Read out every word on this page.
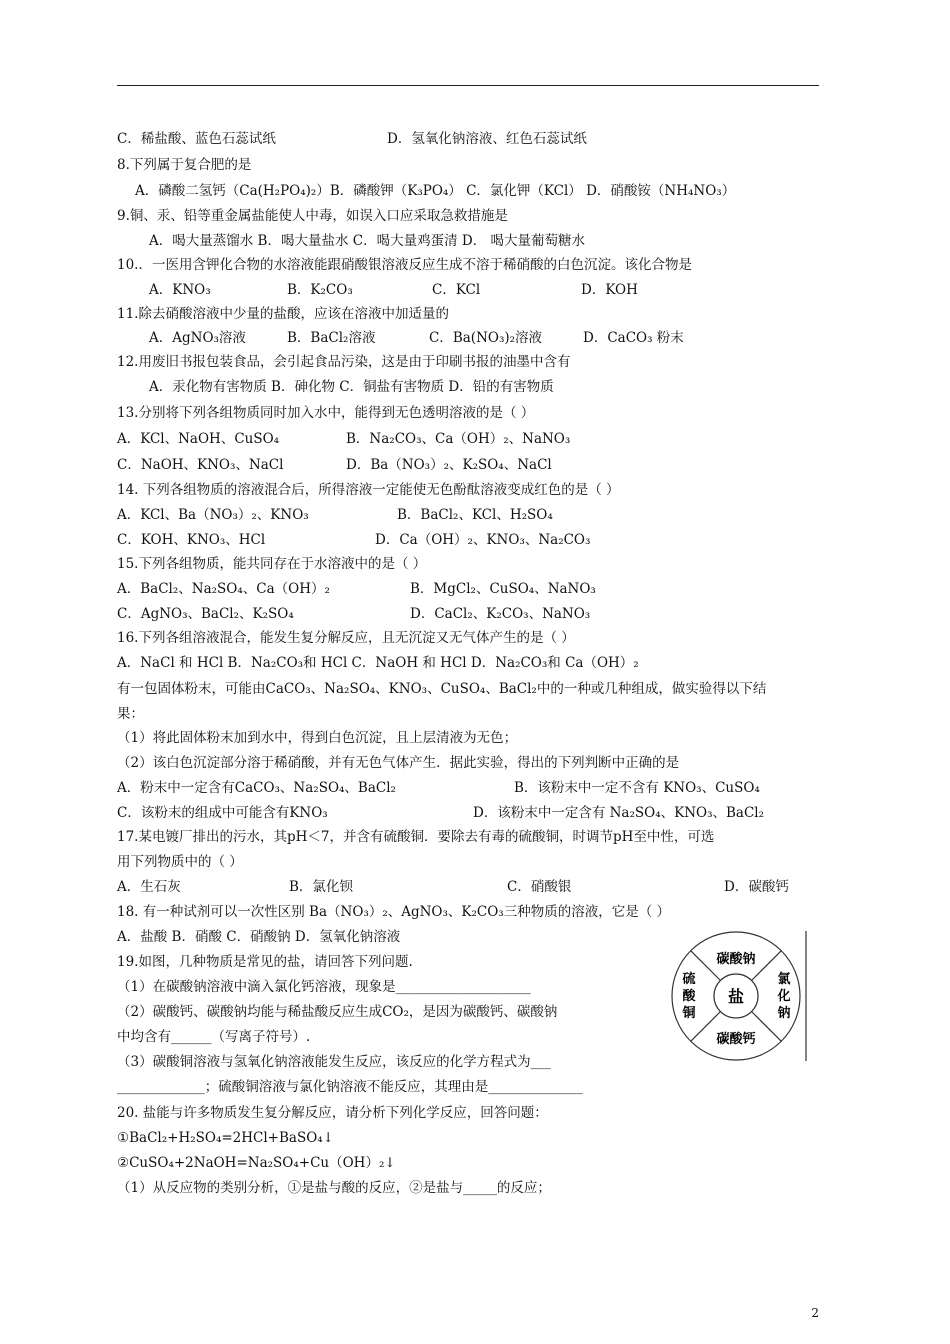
C．稀盐酸、蓝色石蕊试纸	D．氢氧化钠溶液、红色石蕊试纸
8.下列属于复合肥的是
A．磷酸二氢钙（Ca(H₂PO₄)₂）B．磷酸钾（K₃PO₄） C．氯化钾（KCl） D．硝酸铵（NH₄NO₃）
9.铜、汞、铅等重金属盐能使人中毒，如误入口应采取急救措施是
A．喝大量蒸馏水 B．喝大量盐水 C．喝大量鸡蛋清 D． 喝大量葡萄糖水
10.．一医用含钾化合物的水溶液能跟硝酸银溶液反应生成不溶于稀硝酸的白色沉淀。该化合物是
A．KNO₃	B．K₂CO₃	C．KCl	D．KOH
11.除去硝酸溶液中少量的盐酸，应该在溶液中加适量的
A．AgNO₃溶液	B．BaCl₂溶液	C．Ba(NO₃)₂溶液	D．CaCO₃ 粉末
12.用废旧书报包装食品，会引起食品污染，这是由于印刷书报的油墨中含有
A．汞化物有害物质 B．砷化物 C．铜盐有害物质 D．铅的有害物质
13.分别将下列各组物质同时加入水中，能得到无色透明溶液的是（ ）
A．KCl、NaOH、CuSO₄	B．Na₂CO₃、Ca（OH）₂、NaNO₃
C．NaOH、KNO₃、NaCl	D．Ba（NO₃）₂、K₂SO₄、NaCl
14. 下列各组物质的溶液混合后，所得溶液一定能使无色酚酞溶液变成红色的是（ ）
A．KCl、Ba（NO₃）₂、KNO₃	B．BaCl₂、KCl、H₂SO₄
C．KOH、KNO₃、HCl	D．Ca（OH）₂、KNO₃、Na₂CO₃
15.下列各组物质，能共同存在于水溶液中的是（ ）
A．BaCl₂、Na₂SO₄、Ca（OH）₂	B．MgCl₂、CuSO₄、NaNO₃
C．AgNO₃、BaCl₂、K₂SO₄	D．CaCl₂、K₂CO₃、NaNO₃
16.下列各组溶液混合，能发生复分解反应，且无沉淀又无气体产生的是（ ）
A．NaCl 和 HCl B．Na₂CO₃和 HCl C．NaOH 和 HCl D．Na₂CO₃和 Ca（OH）₂
有一包固体粉末，可能由CaCO₃、Na₂SO₄、KNO₃、CuSO₄、BaCl₂中的一种或几种组成，做实验得以下结
果：
（1）将此固体粉末加到水中，得到白色沉淀，且上层清液为无色；
（2）该白色沉淀部分溶于稀硝酸，并有无色气体产生．据此实验，得出的下列判断中正确的是
A．粉末中一定含有CaCO₃、Na₂SO₄、BaCl₂	B．该粉末中一定不含有 KNO₃、CuSO₄
C．该粉末的组成中可能含有KNO₃	D．该粉末中一定含有 Na₂SO₄、KNO₃、BaCl₂
17.某电镀厂排出的污水，其pH＜7，并含有硫酸铜．要除去有毒的硫酸铜，时调节pH至中性，可选
用下列物质中的（ ）
A．生石灰	B．氯化钡	C．硝酸银	D．碳酸钙
18. 有一种试剂可以一次性区别 Ba（NO₃）₂、AgNO₃、K₂CO₃三种物质的溶液，它是（ ）
A．盐酸 B．硝酸 C．硝酸钠 D．氢氧化钠溶液
19.如图，几种物质是常见的盐，请回答下列问题.
（1）在碳酸钠溶液中滴入氯化钙溶液，现象是____________________
（2）碳酸钙、碳酸钠均能与稀盐酸反应生成CO₂，是因为碳酸钙、碳酸钠
中均含有______（写离子符号）.
（3）碳酸铜溶液与氢氧化钠溶液能发生反应，该反应的化学方程式为___
_____________；硫酸铜溶液与氯化钠溶液不能反应，其理由是______________
20. 盐能与许多物质发生复分解反应，请分析下列化学反应，回答问题：
①BaCl₂+H₂SO₄=2HCl+BaSO₄↓
②CuSO₄+2NaOH=Na₂SO₄+Cu（OH）₂↓
（1）从反应物的类别分析，①是盐与酸的反应，②是盐与_____的反应；
盐
碳酸钠
碳酸钙
硫
酸
铜
氯
化
钠
2
